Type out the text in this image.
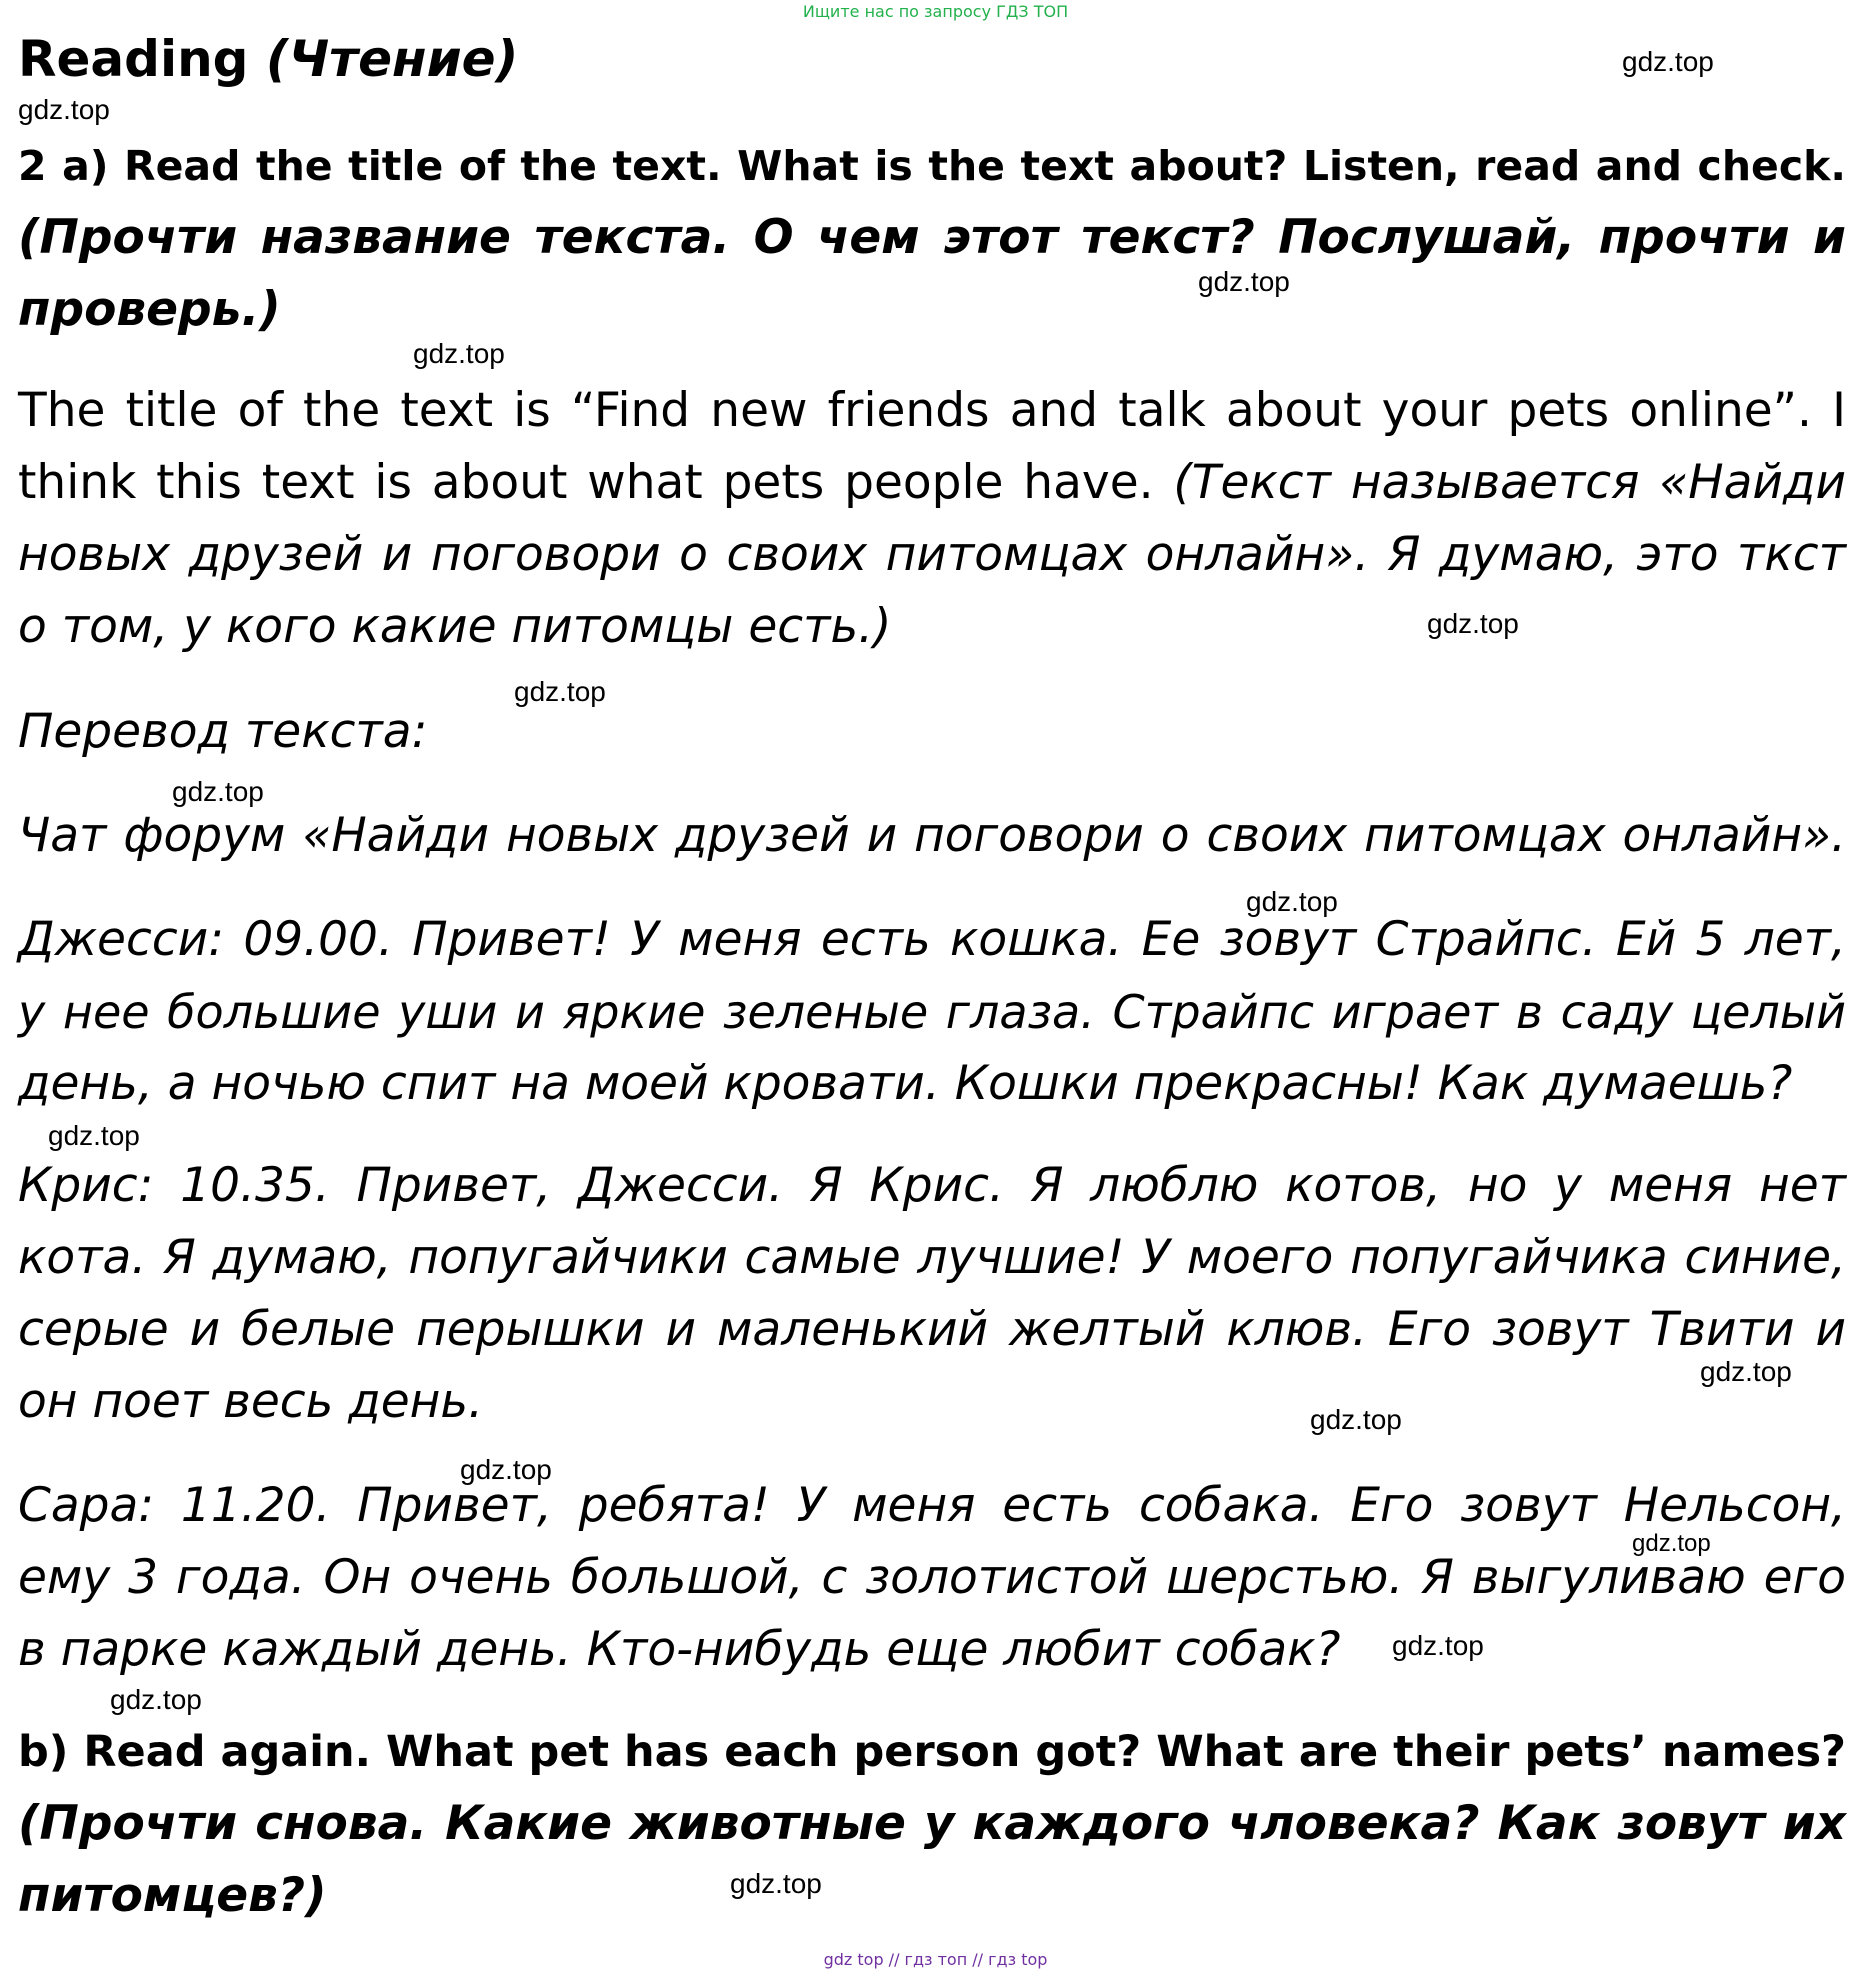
Ищите нас по запросу ГДЗ ТОП
Reading (Чтение)
2 a) Read the title of the text. What is the text about? Listen, read and check.
(Прочти название текста. О чем этот текст? Послушай, прочти и
проверь.)
The title of the text is “Find new friends and talk about your pets online”. I
think this text is about what pets people have. (Текст называется «Найди
новых друзей и поговори о своих питомцах онлайн». Я думаю, это ткст
о том, у кого какие питомцы есть.)
Перевод текста:
Чат форум «Найди новых друзей и поговори о своих питомцах онлайн».
Джесси: 09.00. Привет! У меня есть кошка. Ее зовут Страйпс. Ей 5 лет,
у нее большие уши и яркие зеленые глаза. Страйпс играет в саду целый
день, а ночью спит на моей кровати. Кошки прекрасны! Как думаешь?
Крис: 10.35. Привет, Джесси. Я Крис. Я люблю котов, но у меня нет
кота. Я думаю, попугайчики самые лучшие! У моего попугайчика синие,
серые и белые перышки и маленький желтый клюв. Его зовут Твити и
он поет весь день.
Сара: 11.20. Привет, ребята! У меня есть собака. Его зовут Нельсон,
ему 3 года. Он очень большой, с золотистой шерстью. Я выгуливаю его
в парке каждый день. Кто-нибудь еще любит собак?
b) Read again. What pet has each person got? What are their pets’ names?
(Прочти снова. Какие животные у каждого чловека? Как зовут их
питомцев?)
gdz.top
gdz.top
gdz.top
gdz.top
gdz.top
gdz.top
gdz.top
gdz.top
gdz.top
gdz.top
gdz.top
gdz.top
gdz.top
gdz.top
gdz.top
gdz.top
gdz top // гдз топ // гдз top
